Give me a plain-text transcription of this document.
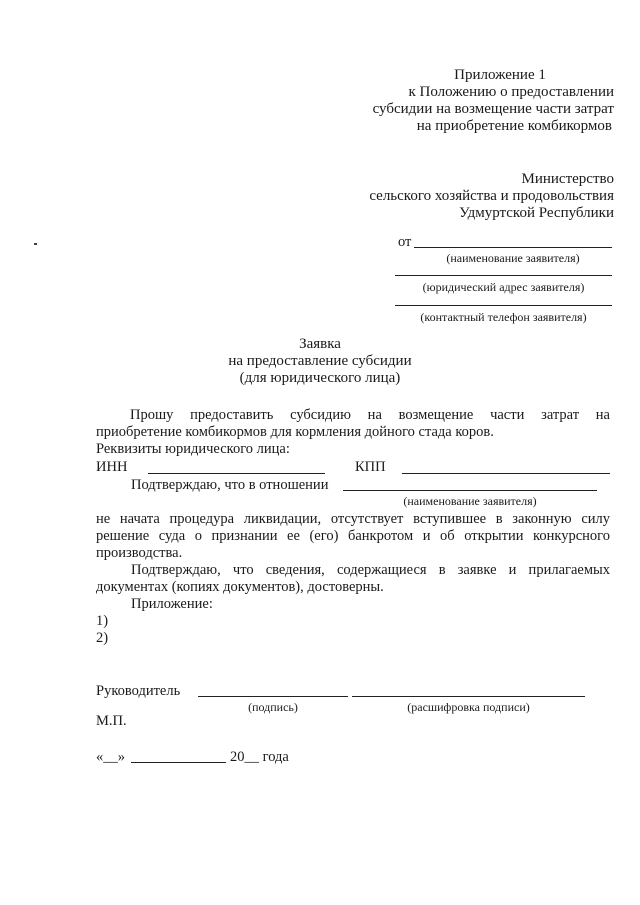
Приложение 1
к Положению о предоставлении
субсидии на возмещение части затрат
на приобретение комбикормов
Министерство
сельского хозяйства и продовольствия
Удмуртской Республики
от
(наименование заявителя)
(юридический адрес заявителя)
(контактный телефон заявителя)
Заявка
на предоставление субсидии
(для юридического лица)
Прошу предоставить субсидию на возмещение части затрат на
приобретение комбикормов для кормления дойного стада коров.
Реквизиты юридического лица:
ИНН	КПП
Подтверждаю, что в отношении
(наименование заявителя)
не начата процедура ликвидации, отсутствует вступившее в законную силу
решение суда о признании ее (его) банкротом и об открытии конкурсного
производства.
Подтверждаю, что сведения, содержащиеся в заявке и прилагаемых
документах (копиях документов), достоверны.
Приложение:
1)
2)
Руководитель
(подпись)	(расшифровка подписи)
М.П.
«__»	20__ года
